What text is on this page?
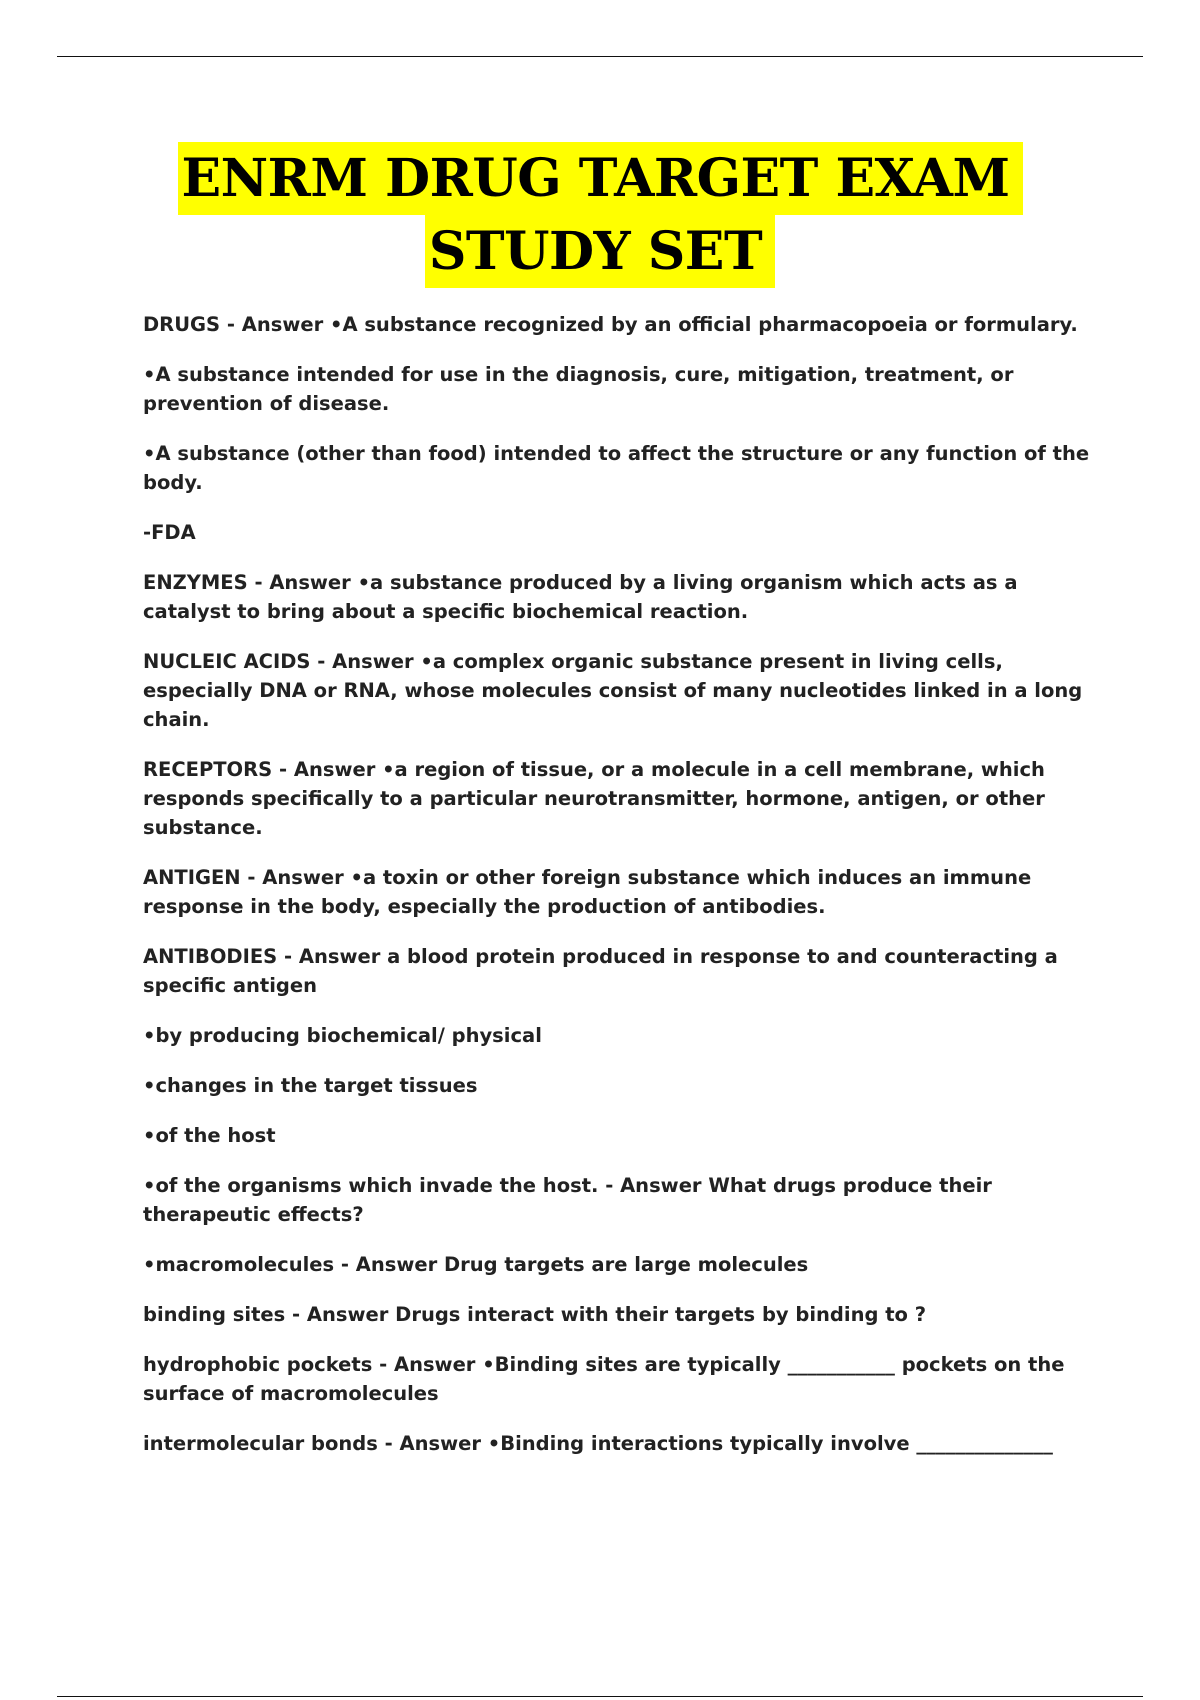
ENRM DRUG TARGET EXAM
STUDY SET

DRUGS - Answer •A substance recognized by an official pharmacopoeia or formulary.

•A substance intended for use in the diagnosis, cure, mitigation, treatment, or prevention of disease.

•A substance (other than food) intended to affect the structure or any function of the body.

-FDA

ENZYMES - Answer •a substance produced by a living organism which acts as a catalyst to bring about a specific biochemical reaction.

NUCLEIC ACIDS - Answer •a complex organic substance present in living cells, especially DNA or RNA, whose molecules consist of many nucleotides linked in a long chain.

RECEPTORS - Answer •a region of tissue, or a molecule in a cell membrane, which responds specifically to a particular neurotransmitter, hormone, antigen, or other substance.

ANTIGEN - Answer •a toxin or other foreign substance which induces an immune response in the body, especially the production of antibodies.

ANTIBODIES - Answer a blood protein produced in response to and counteracting a specific antigen

•by producing biochemical/ physical

•changes in the target tissues

•of the host

•of the organisms which invade the host. - Answer What drugs produce their therapeutic effects?

•macromolecules - Answer Drug targets are large molecules

binding sites - Answer Drugs interact with their targets by binding to ?

hydrophobic pockets - Answer •Binding sites are typically ___________ pockets on the surface of macromolecules

intermolecular bonds - Answer •Binding interactions typically involve ______________
